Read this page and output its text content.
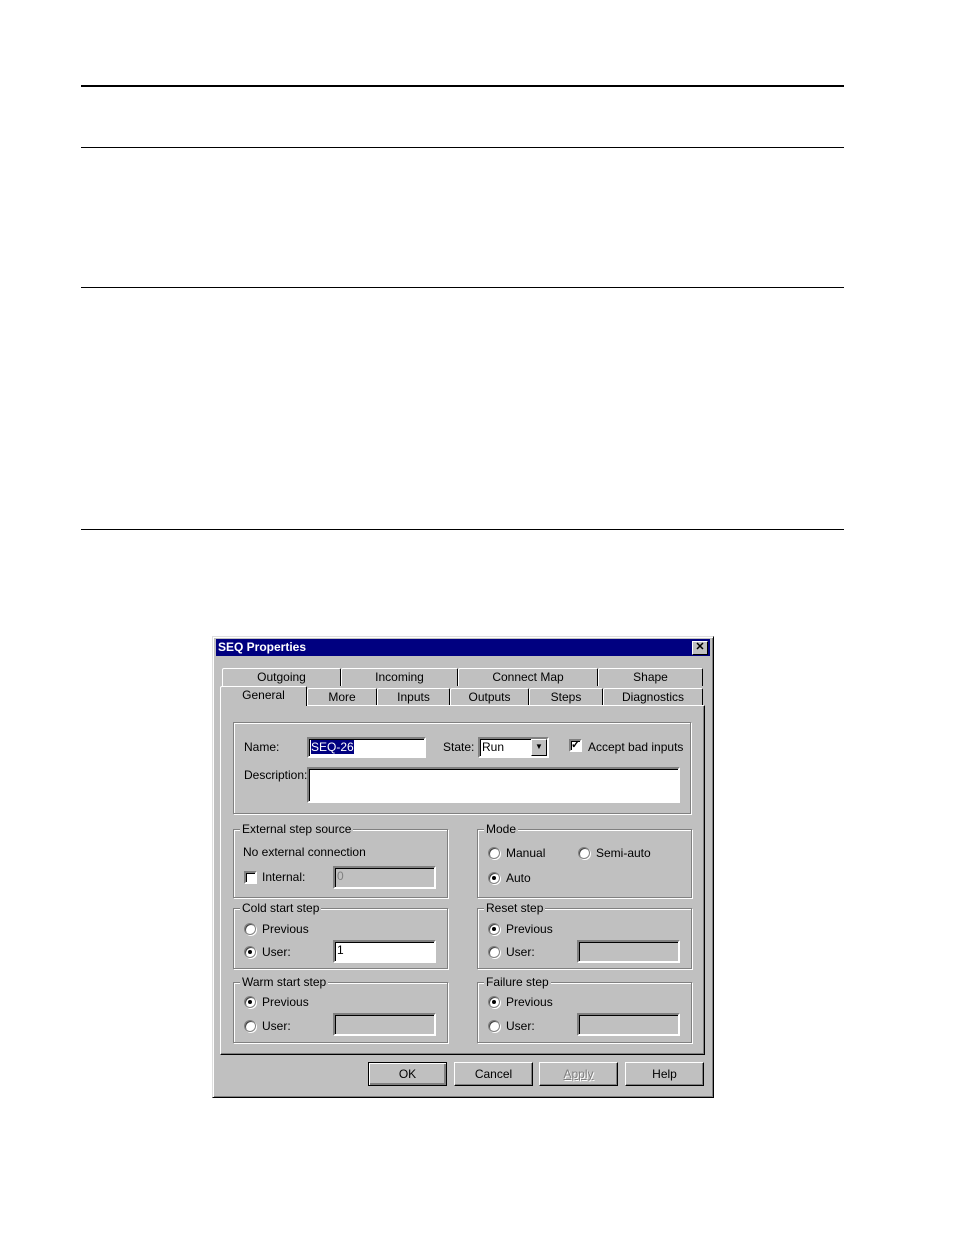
SEQ Properties	✕
Outgoing	Incoming	Connect Map	Shape
General	More	Inputs	Outputs	Steps	Diagnostics
Name:	SEQ-26	State: Run	▼	✓ Accept bad inputs
Description:
External step source
No external connection
Internal:	0
Mode
Manual	Semi-auto
Auto
Cold start step
Previous
User:	1
Reset step
Previous
User:
Warm start step
Previous
User:
Failure step
Previous
User:
OK	Cancel	Apply	Help
